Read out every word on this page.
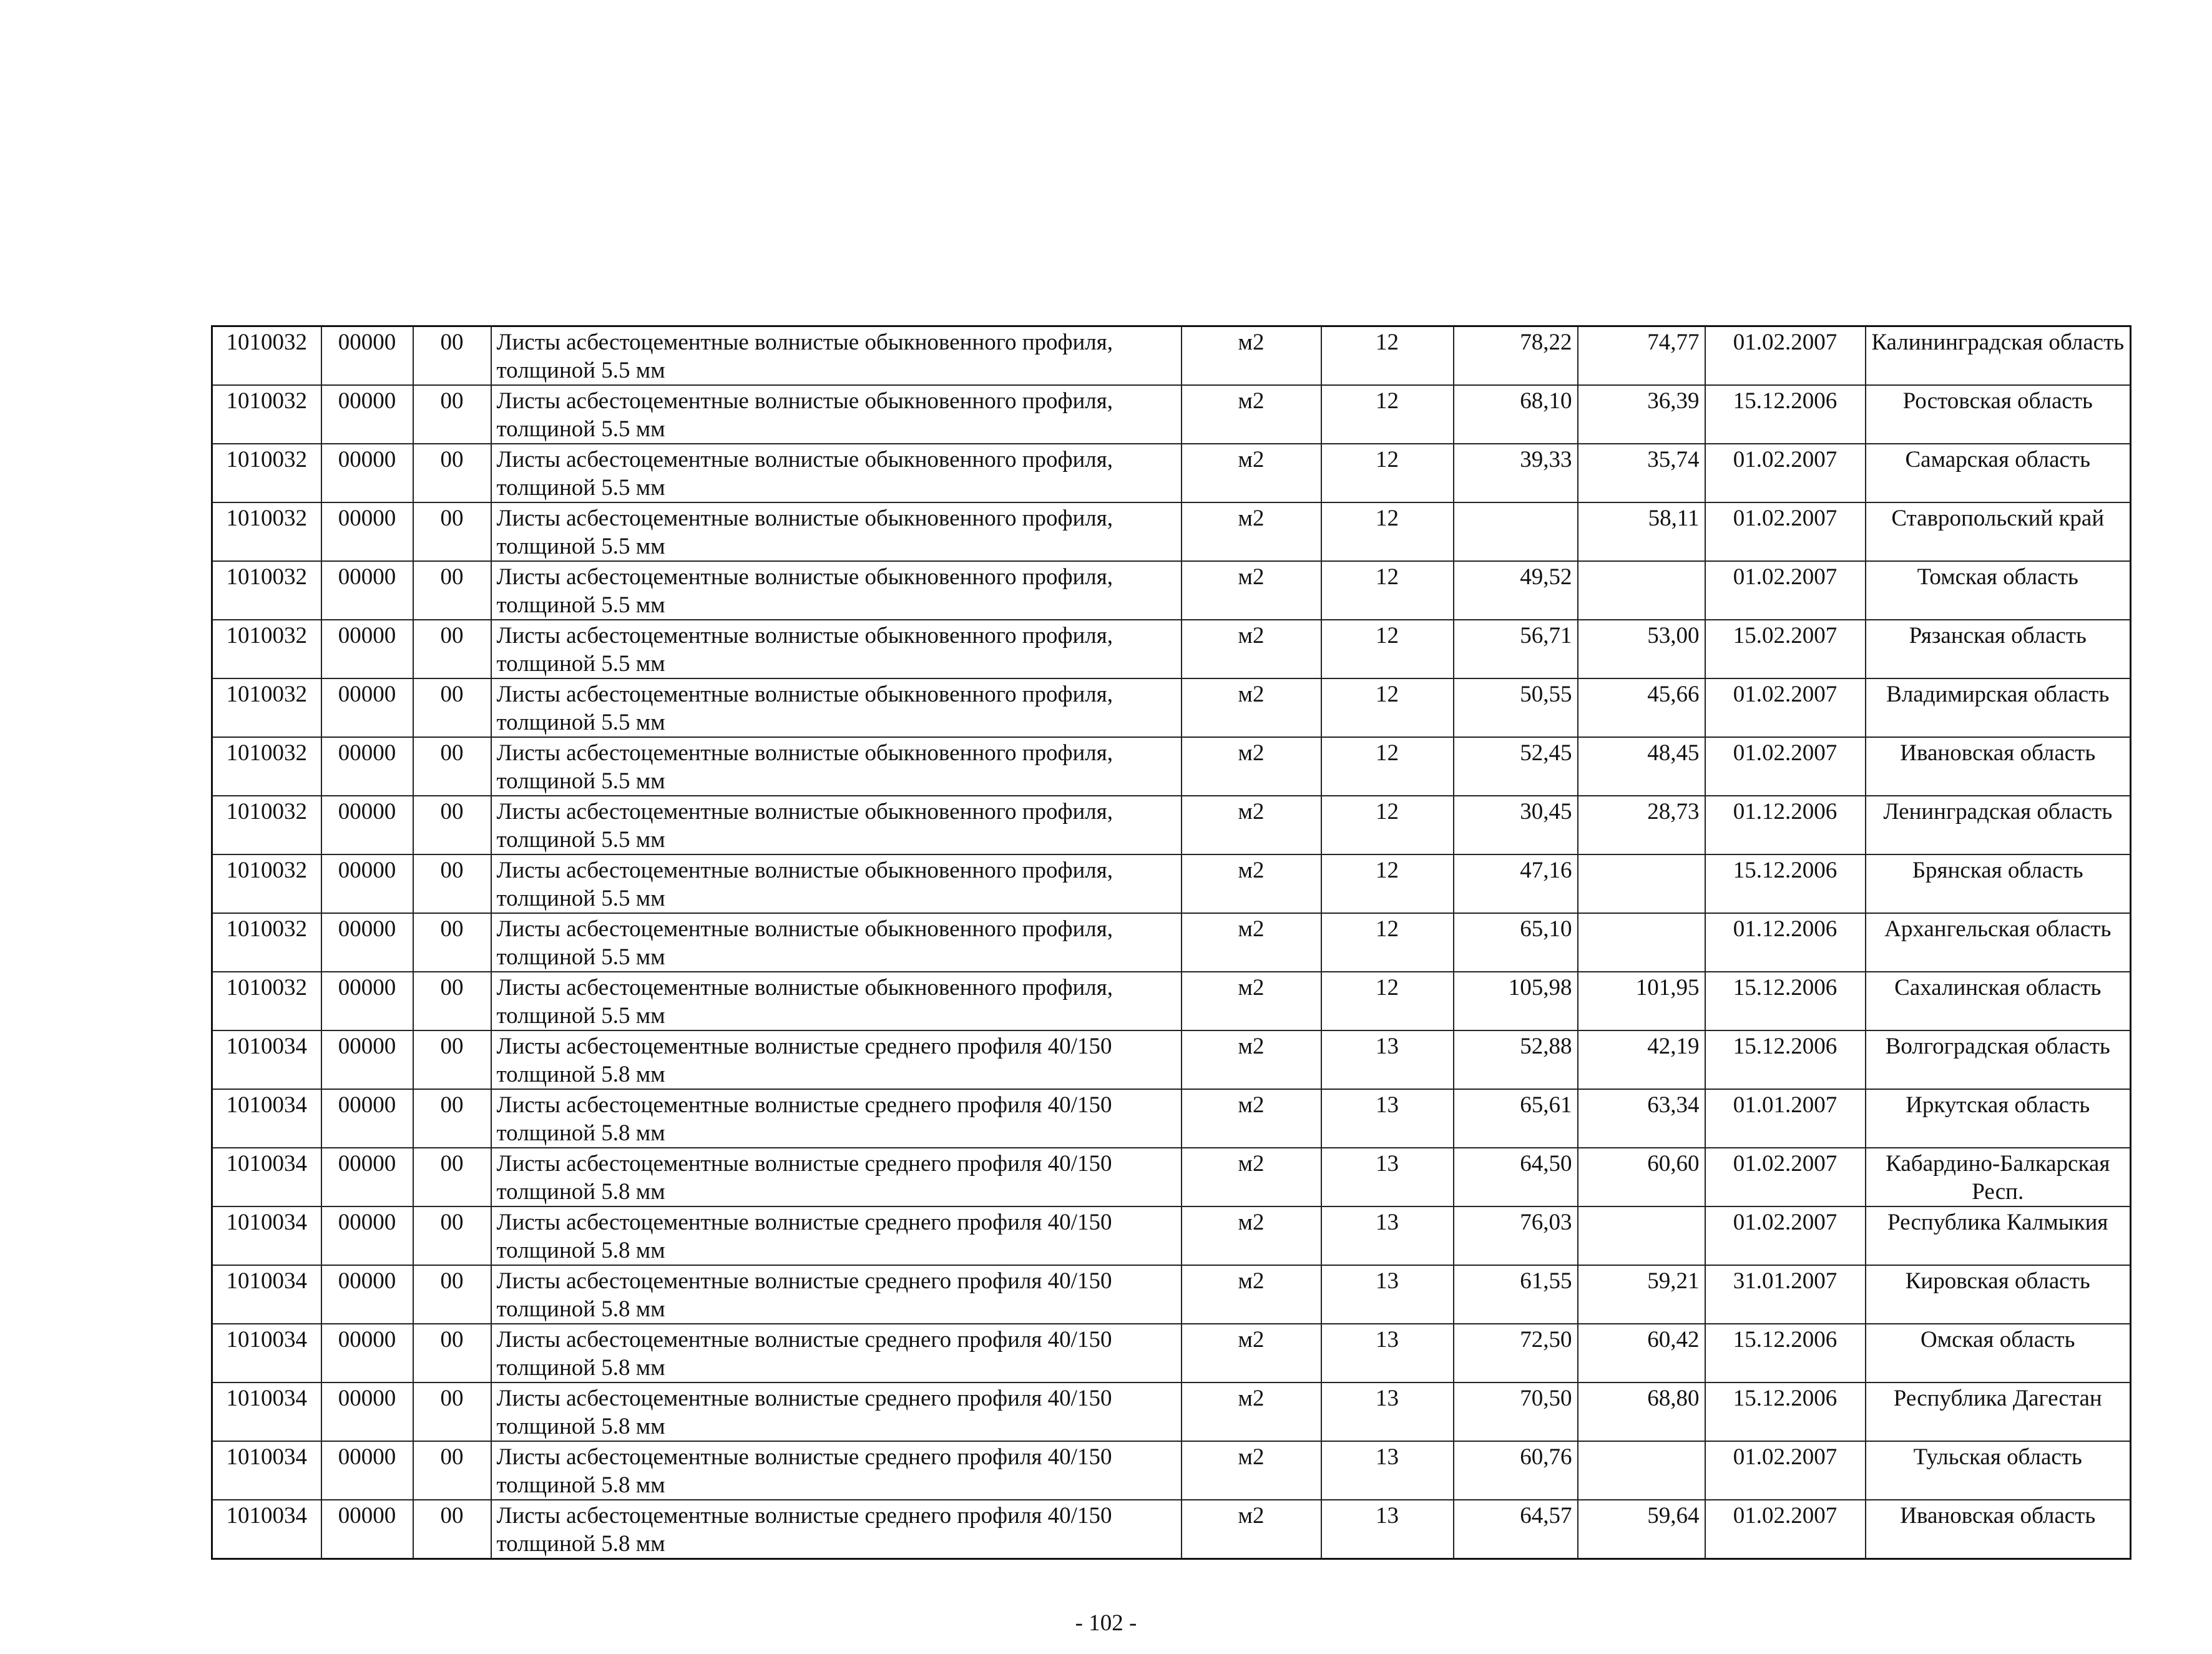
1010032	00000	00	Листы асбестоцементные волнистые обыкновенного профиля, толщиной 5.5 мм	м2	12	78,22	74,77	01.02.2007	Калининградская область
1010032	00000	00	Листы асбестоцементные волнистые обыкновенного профиля, толщиной 5.5 мм	м2	12	68,10	36,39	15.12.2006	Ростовская область
1010032	00000	00	Листы асбестоцементные волнистые обыкновенного профиля, толщиной 5.5 мм	м2	12	39,33	35,74	01.02.2007	Самарская область
1010032	00000	00	Листы асбестоцементные волнистые обыкновенного профиля, толщиной 5.5 мм	м2	12		58,11	01.02.2007	Ставропольский край
1010032	00000	00	Листы асбестоцементные волнистые обыкновенного профиля, толщиной 5.5 мм	м2	12	49,52		01.02.2007	Томская область
1010032	00000	00	Листы асбестоцементные волнистые обыкновенного профиля, толщиной 5.5 мм	м2	12	56,71	53,00	15.02.2007	Рязанская область
1010032	00000	00	Листы асбестоцементные волнистые обыкновенного профиля, толщиной 5.5 мм	м2	12	50,55	45,66	01.02.2007	Владимирская область
1010032	00000	00	Листы асбестоцементные волнистые обыкновенного профиля, толщиной 5.5 мм	м2	12	52,45	48,45	01.02.2007	Ивановская область
1010032	00000	00	Листы асбестоцементные волнистые обыкновенного профиля, толщиной 5.5 мм	м2	12	30,45	28,73	01.12.2006	Ленинградская область
1010032	00000	00	Листы асбестоцементные волнистые обыкновенного профиля, толщиной 5.5 мм	м2	12	47,16		15.12.2006	Брянская область
1010032	00000	00	Листы асбестоцементные волнистые обыкновенного профиля, толщиной 5.5 мм	м2	12	65,10		01.12.2006	Архангельская область
1010032	00000	00	Листы асбестоцементные волнистые обыкновенного профиля, толщиной 5.5 мм	м2	12	105,98	101,95	15.12.2006	Сахалинская область
1010034	00000	00	Листы асбестоцементные волнистые среднего профиля 40/150 толщиной 5.8 мм	м2	13	52,88	42,19	15.12.2006	Волгоградская область
1010034	00000	00	Листы асбестоцементные волнистые среднего профиля 40/150 толщиной 5.8 мм	м2	13	65,61	63,34	01.01.2007	Иркутская область
1010034	00000	00	Листы асбестоцементные волнистые среднего профиля 40/150 толщиной 5.8 мм	м2	13	64,50	60,60	01.02.2007	Кабардино-Балкарская Респ.
1010034	00000	00	Листы асбестоцементные волнистые среднего профиля 40/150 толщиной 5.8 мм	м2	13	76,03		01.02.2007	Республика Калмыкия
1010034	00000	00	Листы асбестоцементные волнистые среднего профиля 40/150 толщиной 5.8 мм	м2	13	61,55	59,21	31.01.2007	Кировская область
1010034	00000	00	Листы асбестоцементные волнистые среднего профиля 40/150 толщиной 5.8 мм	м2	13	72,50	60,42	15.12.2006	Омская область
1010034	00000	00	Листы асбестоцементные волнистые среднего профиля 40/150 толщиной 5.8 мм	м2	13	70,50	68,80	15.12.2006	Республика Дагестан
1010034	00000	00	Листы асбестоцементные волнистые среднего профиля 40/150 толщиной 5.8 мм	м2	13	60,76		01.02.2007	Тульская область
1010034	00000	00	Листы асбестоцементные волнистые среднего профиля 40/150 толщиной 5.8 мм	м2	13	64,57	59,64	01.02.2007	Ивановская область
- 102 -
